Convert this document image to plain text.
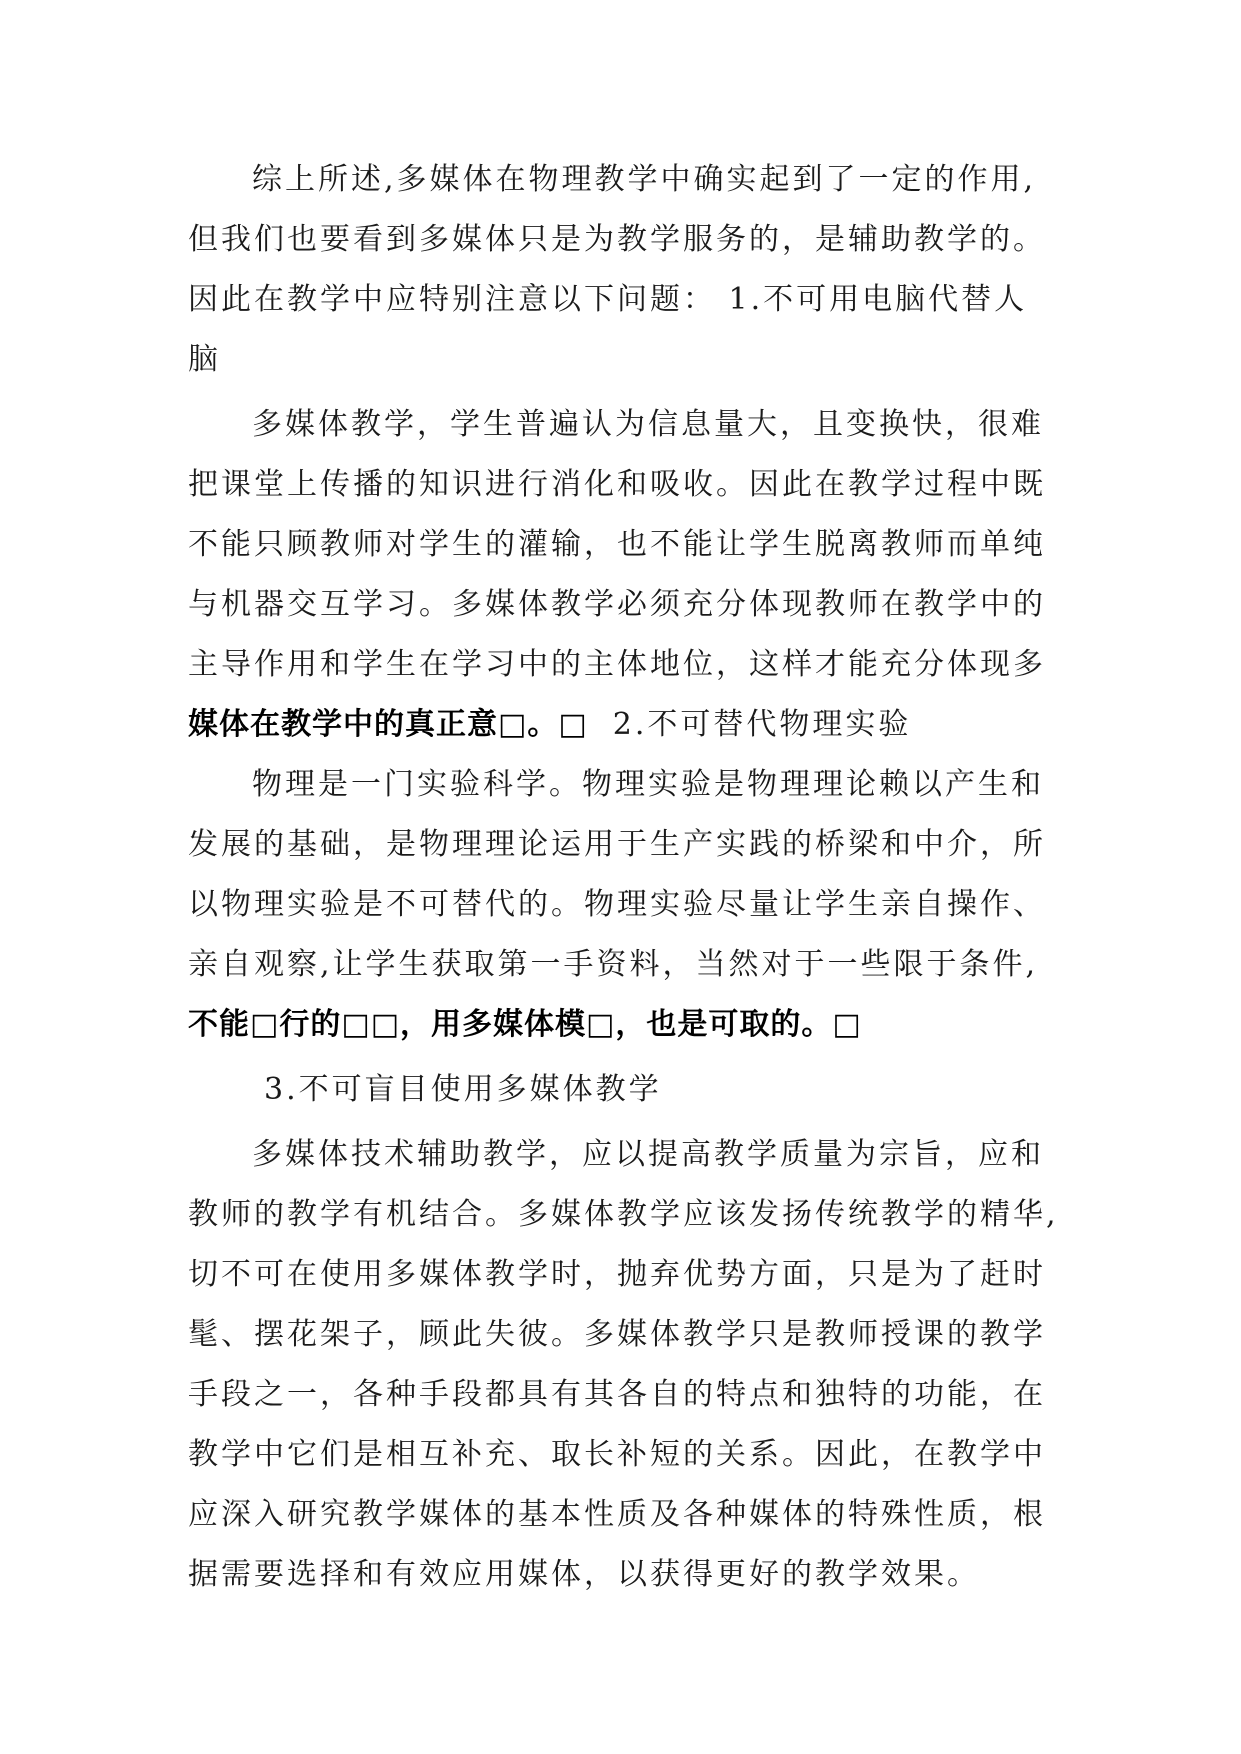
综上所述,多媒体在物理教学中确实起到了一定的作用,
但我们也要看到多媒体只是为教学服务的，是辅助教学的。
因此在教学中应特别注意以下问题： 1.不可用电脑代替人
脑
多媒体教学，学生普遍认为信息量大，且变换快，很难
把课堂上传播的知识进行消化和吸收。因此在教学过程中既
不能只顾教师对学生的灌输，也不能让学生脱离教师而单纯
与机器交互学习。多媒体教学必须充分体现教师在教学中的
主导作用和学生在学习中的主体地位，这样才能充分体现多
媒体在教学中的真正意□。□ 2.不可替代物理实验
物理是一门实验科学。物理实验是物理理论赖以产生和
发展的基础，是物理理论运用于生产实践的桥梁和中介，所
以物理实验是不可替代的。物理实验尽量让学生亲自操作、
亲自观察,让学生获取第一手资料，当然对于一些限于条件,
不能□行的□□，用多媒体模□，也是可取的。□
3.不可盲目使用多媒体教学
多媒体技术辅助教学，应以提高教学质量为宗旨，应和
教师的教学有机结合。多媒体教学应该发扬传统教学的精华,
切不可在使用多媒体教学时，抛弃优势方面，只是为了赶时
髦、摆花架子，顾此失彼。多媒体教学只是教师授课的教学
手段之一，各种手段都具有其各自的特点和独特的功能，在
教学中它们是相互补充、取长补短的关系。因此，在教学中
应深入研究教学媒体的基本性质及各种媒体的特殊性质，根
据需要选择和有效应用媒体，以获得更好的教学效果。
